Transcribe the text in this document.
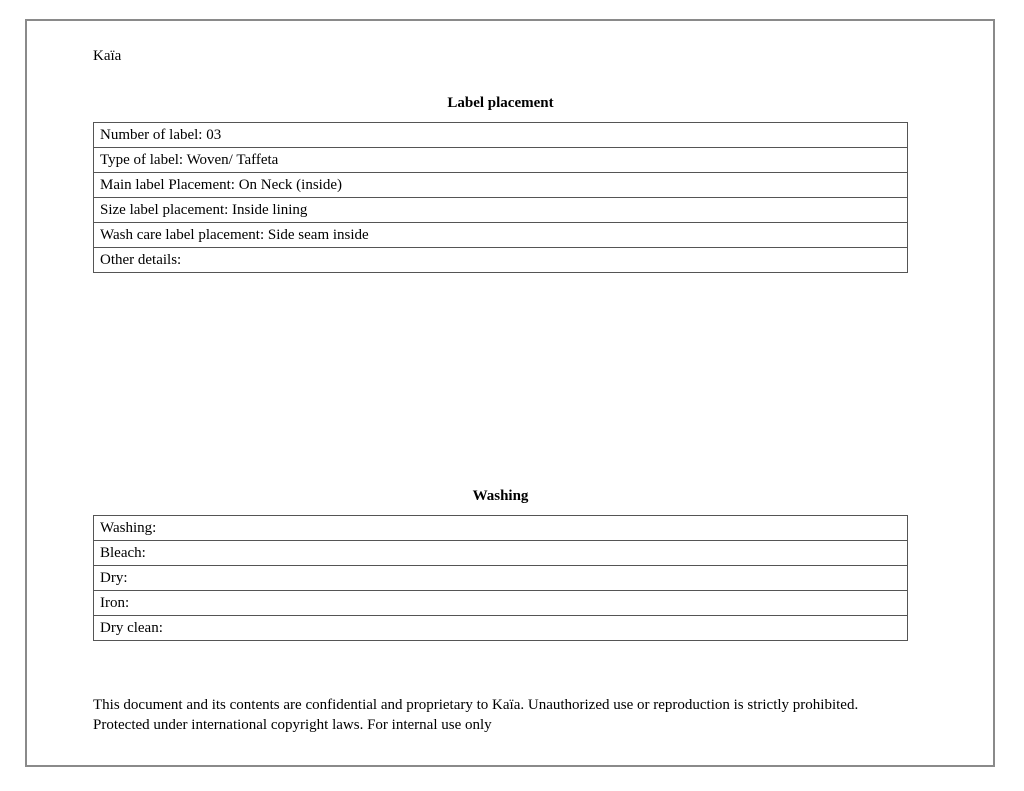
Kaïa
Label placement
Number of label: 03
Type of label: Woven/ Taffeta
Main label Placement: On Neck (inside)
Size label placement: Inside lining
Wash care label placement: Side seam inside
Other details:
Washing
Washing:
Bleach:
Dry:
Iron:
Dry clean:
This document and its contents are confidential and proprietary to Kaïa. Unauthorized use or reproduction is strictly prohibited.
Protected under international copyright laws. For internal use only
